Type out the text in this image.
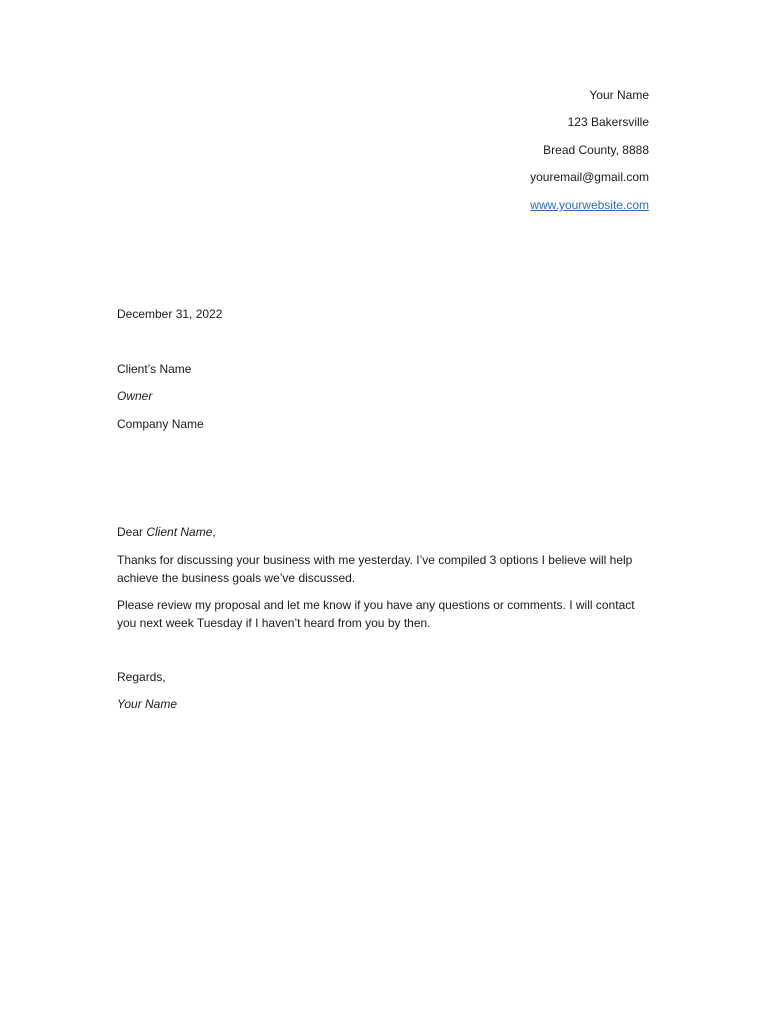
Your Name
123 Bakersville
Bread County, 8888
youremail@gmail.com
www.yourwebsite.com
December 31, 2022
Client’s Name
Owner
Company Name
Dear Client Name,
Thanks for discussing your business with me yesterday. I’ve compiled 3 options I believe will help
achieve the business goals we’ve discussed.
Please review my proposal and let me know if you have any questions or comments. I will contact
you next week Tuesday if I haven’t heard from you by then.
Regards,
Your Name
